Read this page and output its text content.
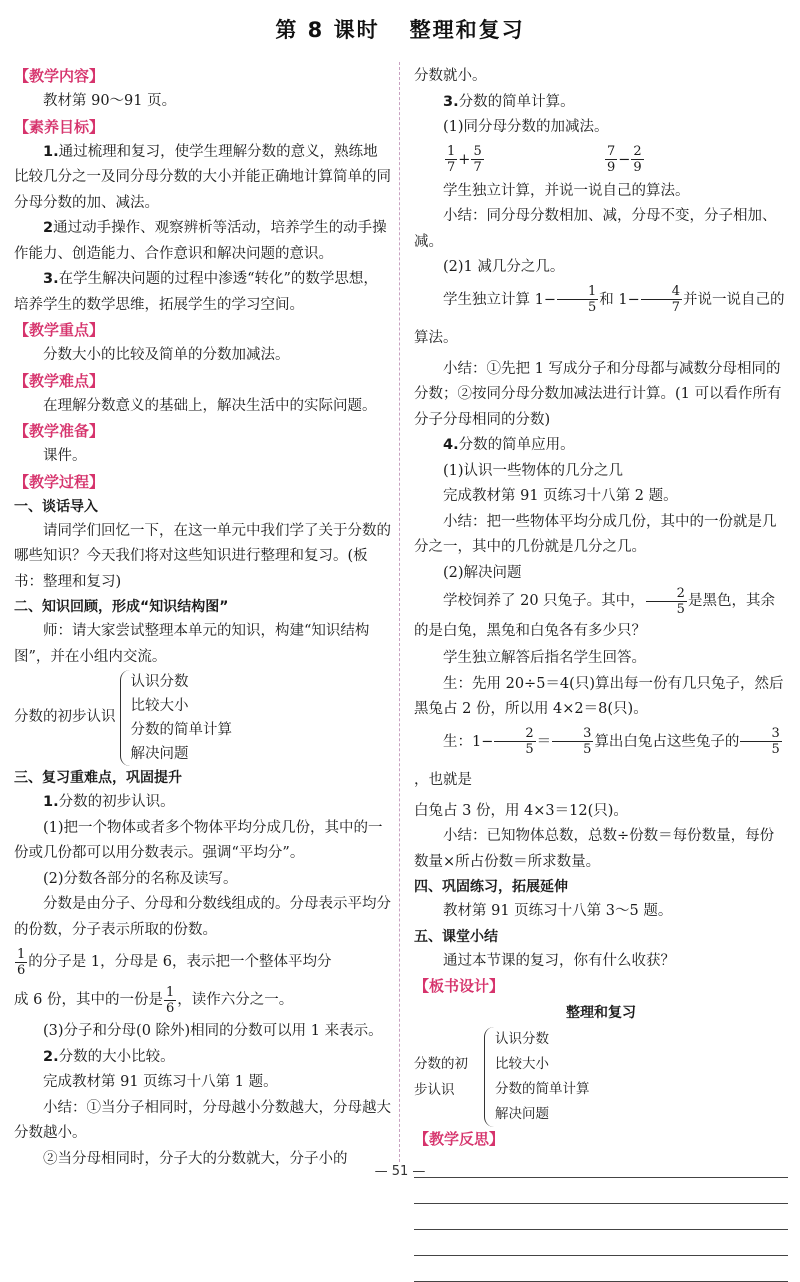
第 8 课时 整理和复习
【教学内容】

教材第 90～91 页。

【素养目标】

1.通过梳理和复习，使学生理解分数的意义，熟练地比较几分之一及同分母分数的大小并能正确地计算简单的同分母分数的加、减法。

2通过动手操作、观察辨析等活动，培养学生的动手操作能力、创造能力、合作意识和解决问题的意识。

3.在学生解决问题的过程中渗透“转化”的数学思想，培养学生的数学思维，拓展学生的学习空间。

【教学重点】

分数大小的比较及简单的分数加减法。

【教学难点】

在理解分数意义的基础上，解决生活中的实际问题。

【教学准备】

课件。

【教学过程】
一、谈话导入

请同学们回忆一下，在这一单元中我们学了关于分数的哪些知识？今天我们将对这些知识进行整理和复习。(板书：整理和复习)

二、知识回顾，形成“知识结构图”

师：请大家尝试整理本单元的知识，构建“知识结构图”，并在小组内交流。

分数的初步认识
认识分数
比较大小
分数的简单计算
解决问题
三、复习重难点，巩固提升

1.分数的初步认识。

(1)把一个物体或者多个物体平均分成几份，其中的一份或几份都可以用分数表示。强调“平均分”。

(2)分数各部分的名称及读写。

分数是由分子、分母和分数线组成的。分母表示平均分的份数，分子表示所取的份数。

$\frac{1}{6}$ 的分子是 1，分母是 6，表示把一个整体平均分

成 6 份，其中的一份是 $\frac{1}{6}$ ，读作六分之一。

(3)分子和分母(0 除外)相同的分数可以用 1 来表示。

2.分数的大小比较。

完成教材第 91 页练习十八第 1 题。

小结：①当分子相同时，分母越小分数越大，分母越大分数越小。

②当分母相同时，分子大的分数就大，分子小的

分数就小。

3.分数的简单计算。

(1)同分母分数的加减法。

$\frac{1}{7} + \frac{5}{7}$
	$\frac{7}{9} - \frac{2}{9}$

学生独立计算，并说一说自己的算法。

小结：同分母分数相加、减，分母不变，分子相加、减。

(2)1 减几分之几。

学生独立计算 $1- \frac{1}{5}$ 和 $1- \frac{4}{7}$ 并说一说自己的算法。

小结：①先把 1 写成分子和分母都与减数分母相同的分数；②按同分母分数加减法进行计算。(1 可以看作所有分子分母相同的分数)

4.分数的简单应用。

(1)认识一些物体的几分之几

完成教材第 91 页练习十八第 2 题。

小结：把一些物体平均分成几份，其中的一份就是几分之一，其中的几份就是几分之几。

(2)解决问题

学校饲养了 20 只兔子。其中， $\frac{2}{5}$ 是黑色，其余的是白兔，黑兔和白兔各有多少只？

学生独立解答后指名学生回答。

生：先用 20÷5＝4(只)算出每一份有几只兔子，然后黑兔占 2 份，所以用 4×2＝8(只)。

生：$1- \frac{2}{5} = \frac{3}{5}$ 算出白兔占这些兔子的 $\frac{3}{5}$
，也就是

白兔占 3 份，用 4×3＝12(只)。

小结：已知物体总数，总数÷份数＝每份数量，每份数量×所占份数＝所求数量。

四、巩固练习，拓展延伸

教材第 91 页练习十八第 3～5 题。

五、课堂小结

通过本节课的复习，你有什么收获？

【板书设计】
整理和复习
分数的初
步认识
认识分数
比较大小
分数的简单计算
解决问题
【教学反思】
— 51 —
